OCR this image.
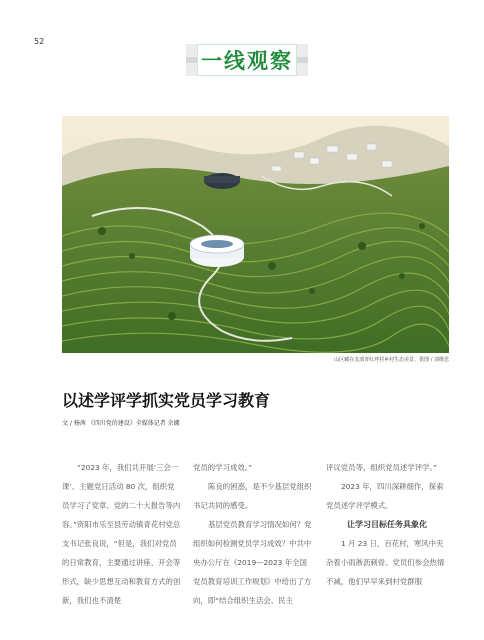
52
一线观察
山区藏在支部青红坪村乡村生态美景。供图 / 刘维思
以述学评学抓实党员学习教育
文 / 杨茜 《四川党的建设》全媒体记者 余娜

“2023 年，我们共开展‘三会一课’、主题党日活动 80 次，组织党员学习了党章、党的二十大报告等内容。”资阳市乐至县劳动镇青花村党总支书记张良说，“但是，我们对党员的日常教育，主要通过讲座、开会等形式，缺少思想互动和教育方式的创新，我们也不清楚

党员的学习成效。”

陈良的困惑，是不少基层党组织书记共同的感受。

基层党员教育学习情况如何？党组织如何检测党员学习成效？中共中央办公厅在《2019—2023 年全国党员教育培训工作规划》中给出了方向，即“结合组织生活会、民主

评议党员等，组织党员述学评学。”

2023 年，四川深耕细作，探索党员述学评学模式。

让学习目标任务具象化

1 月 23 日，百花村，寒风中夹杂着小雨淅沥刺骨。党员们参会热情不减，他们早早来到村党群服
